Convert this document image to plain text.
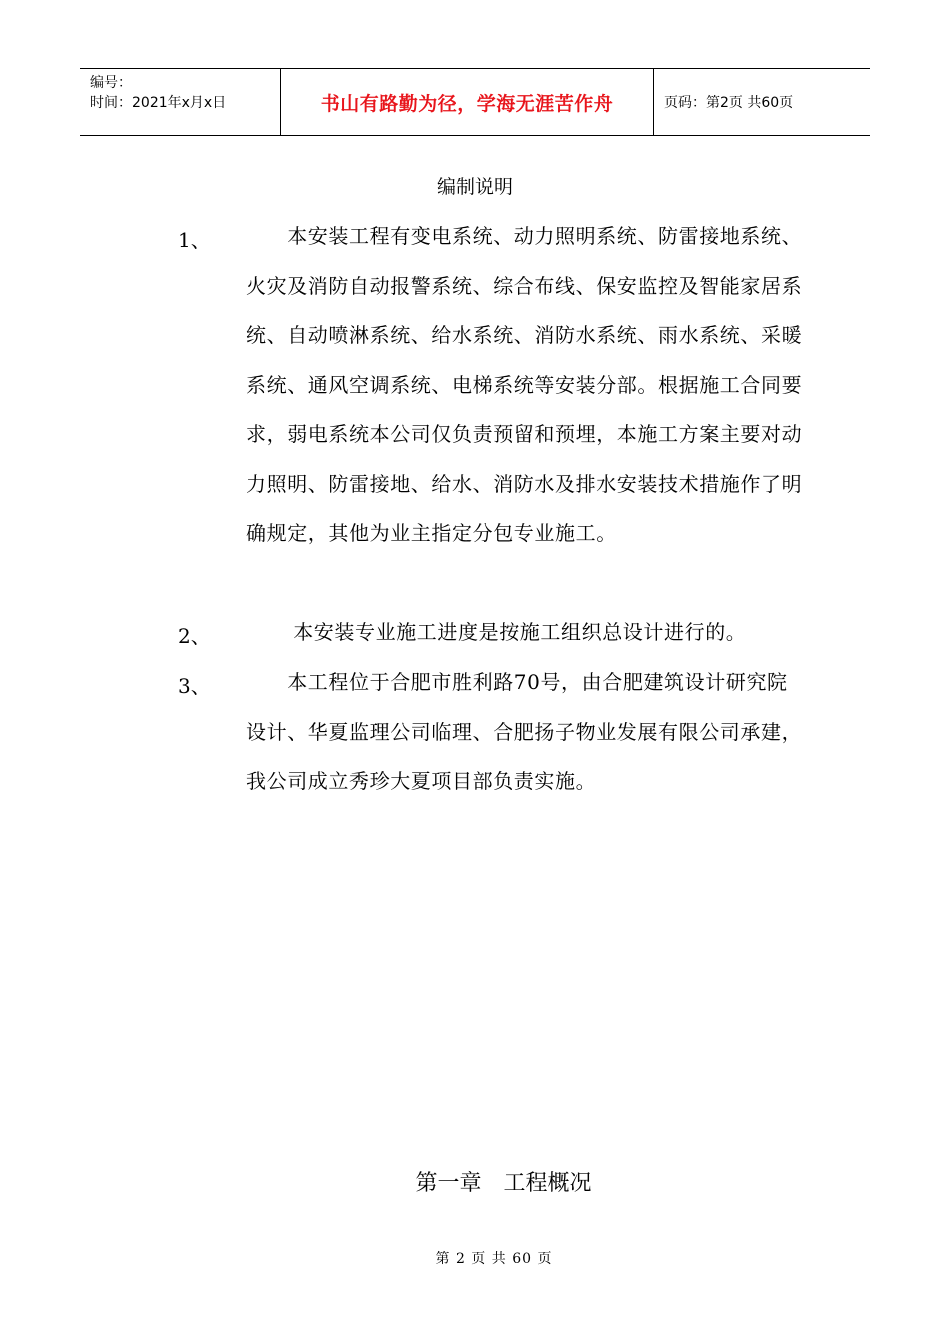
编号：
时间：2021年x月x日	书山有路勤为径，学海无涯苦作舟	页码：第2页 共60页
编制说明
1、 　　本安装工程有变电系统、动力照明系统、防雷接地系统、火灾及消防自动报警系统、综合布线、保安监控及智能家居系统、自动喷淋系统、给水系统、消防水系统、雨水系统、采暖系统、通风空调系统、电梯系统等安装分部。根据施工合同要求，弱电系统本公司仅负责预留和预埋，本施工方案主要对动力照明、防雷接地、给水、消防水及排水安装技术措施作了明确规定，其他为业主指定分包专业施工。
2、 　　本安装专业施工进度是按施工组织总设计进行的。
3、 　　本工程位于合肥市胜利路70号，由合肥建筑设计研究院设计、华夏监理公司临理、合肥扬子物业发展有限公司承建，我公司成立秀珍大夏项目部负责实施。
第一章　工程概况
第 2 页 共 60 页
